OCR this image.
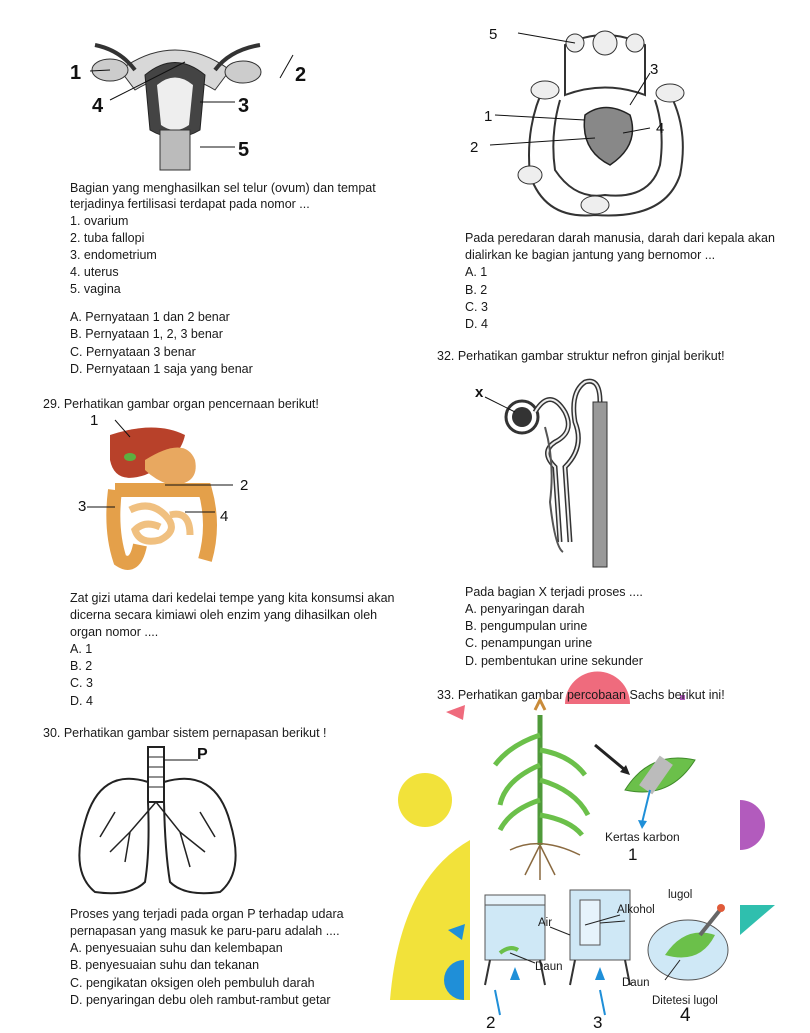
1	2
4	3
5
Bagian yang menghasilkan sel telur (ovum) dan tempat
terjadinya fertilisasi terdapat pada nomor ...
1. ovarium
2. tuba fallopi
3. endometrium
4. uterus
5. vagina
A. Pernyataan 1 dan 2 benar
B. Pernyataan 1, 2, 3 benar
C. Pernyataan 3 benar
D. Pernyataan 1 saja yang benar
5
3
1
4
2
Pada peredaran darah manusia, darah dari kepala akan
dialirkan ke bagian jantung yang bernomor ...
A. 1
B. 2
C. 3
D. 4
32. Perhatikan gambar struktur nefron ginjal berikut!
x
Pada bagian X terjadi proses ....
A. penyaringan darah
B. pengumpulan urine
C. penampungan urine
D. pembentukan urine sekunder
29. Perhatikan gambar organ pencernaan berikut!
1
2
3
4
Zat gizi utama dari kedelai tempe yang kita konsumsi akan
dicerna secara kimiawi oleh enzim yang dihasilkan oleh
organ nomor ....
A. 1
B. 2
C. 3
D. 4	33. Perhatikan gambar percobaan Sachs berikut ini!
Kertas karbon
1
lugol
Alkohol
Air
Daun
Daun
Ditetesi lugol
2	3	4
30. Perhatikan gambar sistem pernapasan berikut !
P
Proses yang terjadi pada organ P terhadap udara
pernapasan yang masuk ke paru-paru adalah ....
A. penyesuaian suhu dan kelembapan
B. penyesuaian suhu dan tekanan
C. pengikatan oksigen oleh pembuluh darah
D. penyaringan debu oleh rambut-rambut getar
